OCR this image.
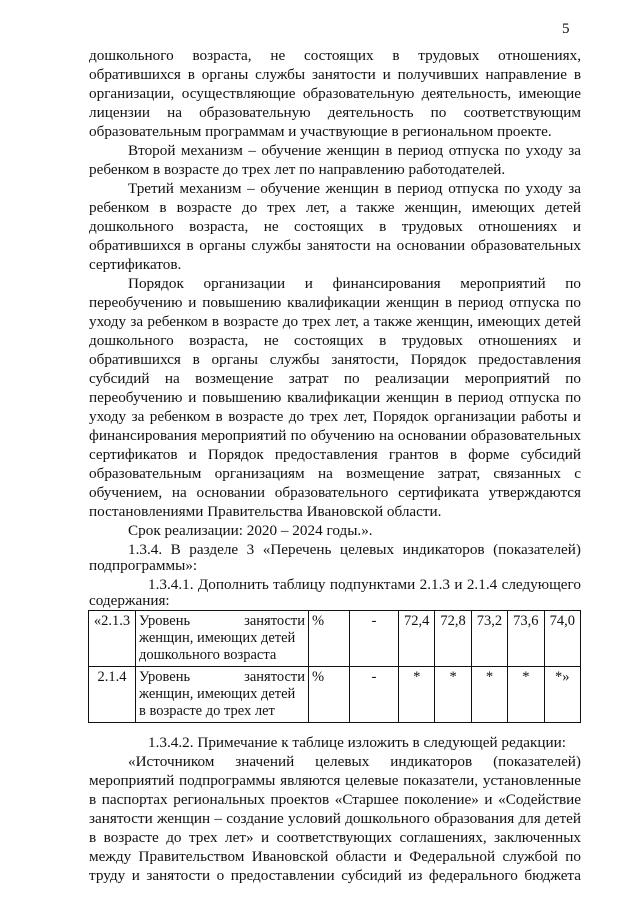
5
дошкольного возраста, не состоящих в трудовых отношениях,
обратившихся в органы службы занятости и получивших направление в
организации, осуществляющие образовательную деятельность, имеющие
лицензии на образовательную деятельность по соответствующим
образовательным программам и участвующие в региональном проекте.
Второй механизм – обучение женщин в период отпуска по уходу за
ребенком в возрасте до трех лет по направлению работодателей.
Третий механизм – обучение женщин в период отпуска по уходу за
ребенком в возрасте до трех лет, а также женщин, имеющих детей
дошкольного возраста, не состоящих в трудовых отношениях и
обратившихся в органы службы занятости на основании образовательных
сертификатов.
Порядок организации и финансирования мероприятий по
переобучению и повышению квалификации женщин в период отпуска по
уходу за ребенком в возрасте до трех лет, а также женщин, имеющих детей
дошкольного возраста, не состоящих в трудовых отношениях и
обратившихся в органы службы занятости, Порядок предоставления
субсидий на возмещение затрат по реализации мероприятий по
переобучению и повышению квалификации женщин в период отпуска по
уходу за ребенком в возрасте до трех лет, Порядок организации работы и
финансирования мероприятий по обучению на основании образовательных
сертификатов и Порядок предоставления грантов в форме субсидий
образовательным организациям на возмещение затрат, связанных с
обучением, на основании образовательного сертификата утверждаются
постановлениями Правительства Ивановской области.
Срок реализации: 2020 – 2024 годы.».
1.3.4. В разделе 3 «Перечень целевых индикаторов (показателей)
подпрограммы»:
«2.1.3	Уровень занятости
женщин, имеющих детей
дошкольного возраста	%	-	72,4	72,8	73,2	73,6	74,0
2.1.4	Уровень занятости
женщин, имеющих детей
в возрасте до трех лет	%	-	*	*	*	*	*»
1.3.4.1. Дополнить таблицу подпунктами 2.1.3 и 2.1.4 следующего
содержания:
1.3.4.2. Примечание к таблице изложить в следующей редакции:
«Источником значений целевых индикаторов (показателей)
мероприятий подпрограммы являются целевые показатели, установленные
в паспортах региональных проектов «Старшее поколение» и «Содействие
занятости женщин – создание условий дошкольного образования для детей
в возрасте до трех лет» и соответствующих соглашениях, заключенных
между Правительством Ивановской области и Федеральной службой по
труду и занятости о предоставлении субсидий из федерального бюджета
